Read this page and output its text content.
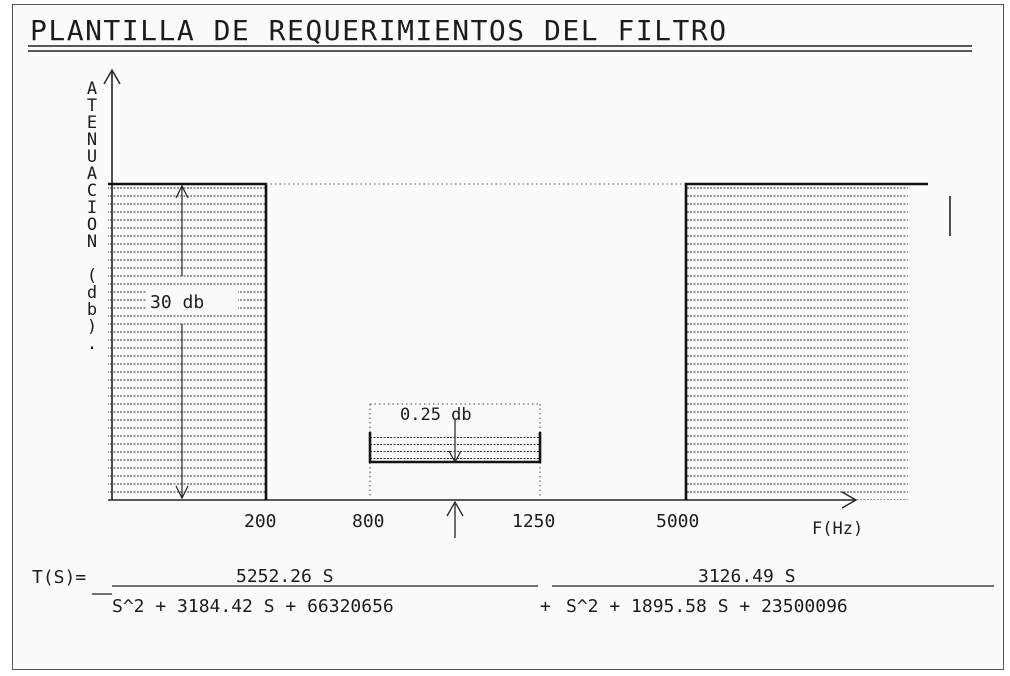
PLANTILLA DE REQUERIMIENTOS DEL FILTRO
A T E N U A C I O N ( d b ) .
30 db
0.25 db
200	800	1250	5000	F(Hz)
T(S)=	5252.26 S	3126.49 S
S^2 + 3184.42 S + 66320656	+ S^2 + 1895.58 S + 23500096
